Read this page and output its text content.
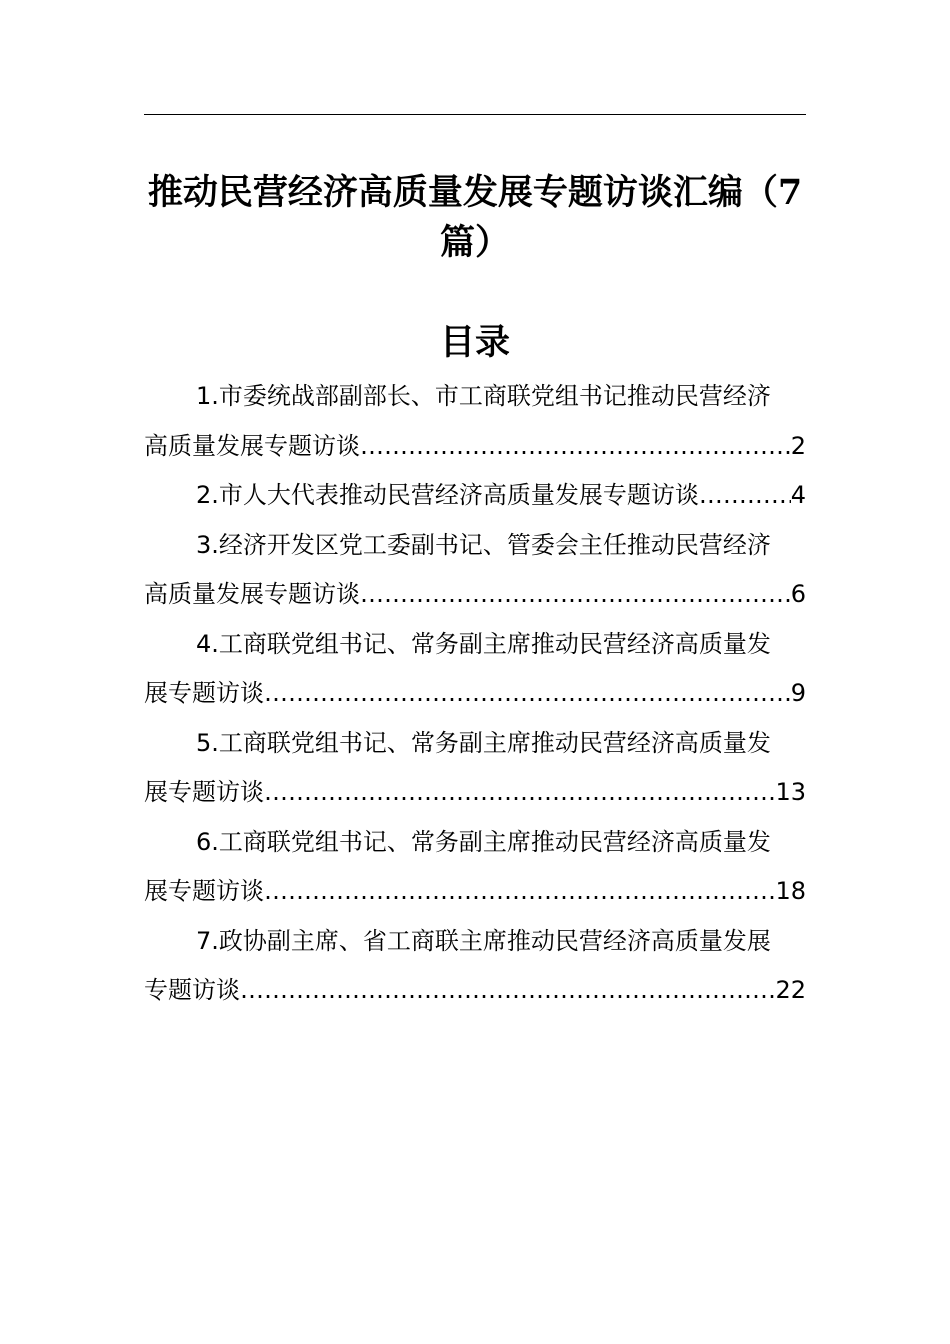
推动民营经济高质量发展专题访谈汇编（7篇）
目录
1.市委统战部副部长、市工商联党组书记推动民营经济
高质量发展专题访谈 ……………………………………………………………………………………………………………………………………………………………………	2
2.市人大代表推动民营经济高质量发展专题访谈 ……………………………………………………………………………………………………………………………………………………………………	4
3.经济开发区党工委副书记、管委会主任推动民营经济
高质量发展专题访谈 ……………………………………………………………………………………………………………………………………………………………………	6
4.工商联党组书记、常务副主席推动民营经济高质量发
展专题访谈 ……………………………………………………………………………………………………………………………………………………………………	9
5.工商联党组书记、常务副主席推动民营经济高质量发
展专题访谈 ……………………………………………………………………………………………………………………………………………………………………	13
6.工商联党组书记、常务副主席推动民营经济高质量发
展专题访谈 ……………………………………………………………………………………………………………………………………………………………………	18
7.政协副主席、省工商联主席推动民营经济高质量发展
专题访谈 ……………………………………………………………………………………………………………………………………………………………………	22
